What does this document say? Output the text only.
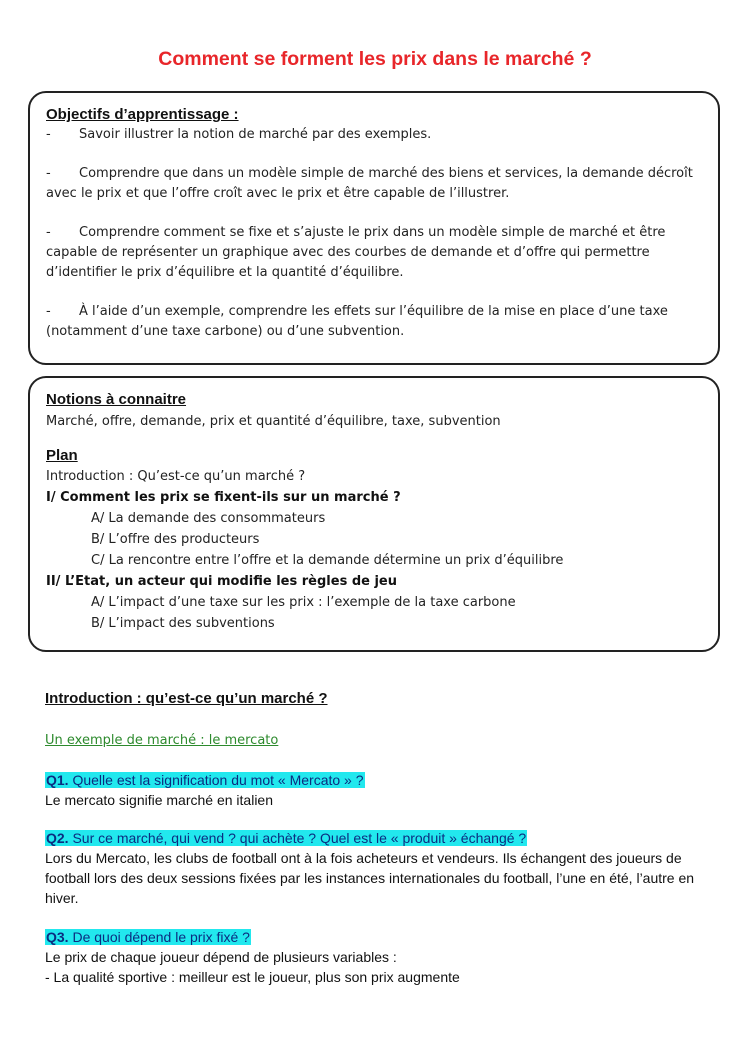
Comment se forment les prix dans le marché ?

Objectifs d’apprentissage :

- Savoir illustrer la notion de marché par des exemples.

- Comprendre que dans un modèle simple de marché des biens et services, la demande décroît avec le prix et que l’offre croît avec le prix et être capable de l’illustrer.

- Comprendre comment se fixe et s’ajuste le prix dans un modèle simple de marché et être capable de représenter un graphique avec des courbes de demande et d’offre qui permettre d’identifier le prix d’équilibre et la quantité d’équilibre.

- À l’aide d’un exemple, comprendre les effets sur l’équilibre de la mise en place d’une taxe (notamment d’une taxe carbone) ou d’une subvention.

Notions à connaitre

Marché, offre, demande, prix et quantité d’équilibre, taxe, subvention

Plan

Introduction : Qu’est-ce qu’un marché ?

I/ Comment les prix se fixent-ils sur un marché ?

A/ La demande des consommateurs

B/ L’offre des producteurs

C/ La rencontre entre l’offre et la demande détermine un prix d’équilibre

II/ L’Etat, un acteur qui modifie les règles de jeu

A/ L’impact d’une taxe sur les prix : l’exemple de la taxe carbone

B/ L’impact des subventions

Introduction : qu’est-ce qu’un marché ?
Un exemple de marché : le mercato
Q1. Quelle est la signification du mot « Mercato » ?

Le mercato signifie marché en italien

Q2. Sur ce marché, qui vend ? qui achète ? Quel est le « produit » échangé ?

Lors du Mercato, les clubs de football ont à la fois acheteurs et vendeurs. Ils échangent des joueurs de football lors des deux sessions fixées par les instances internationales du football, l’une en été, l’autre en hiver.

Q3. De quoi dépend le prix fixé ?

Le prix de chaque joueur dépend de plusieurs variables :

- La qualité sportive : meilleur est le joueur, plus son prix augmente
